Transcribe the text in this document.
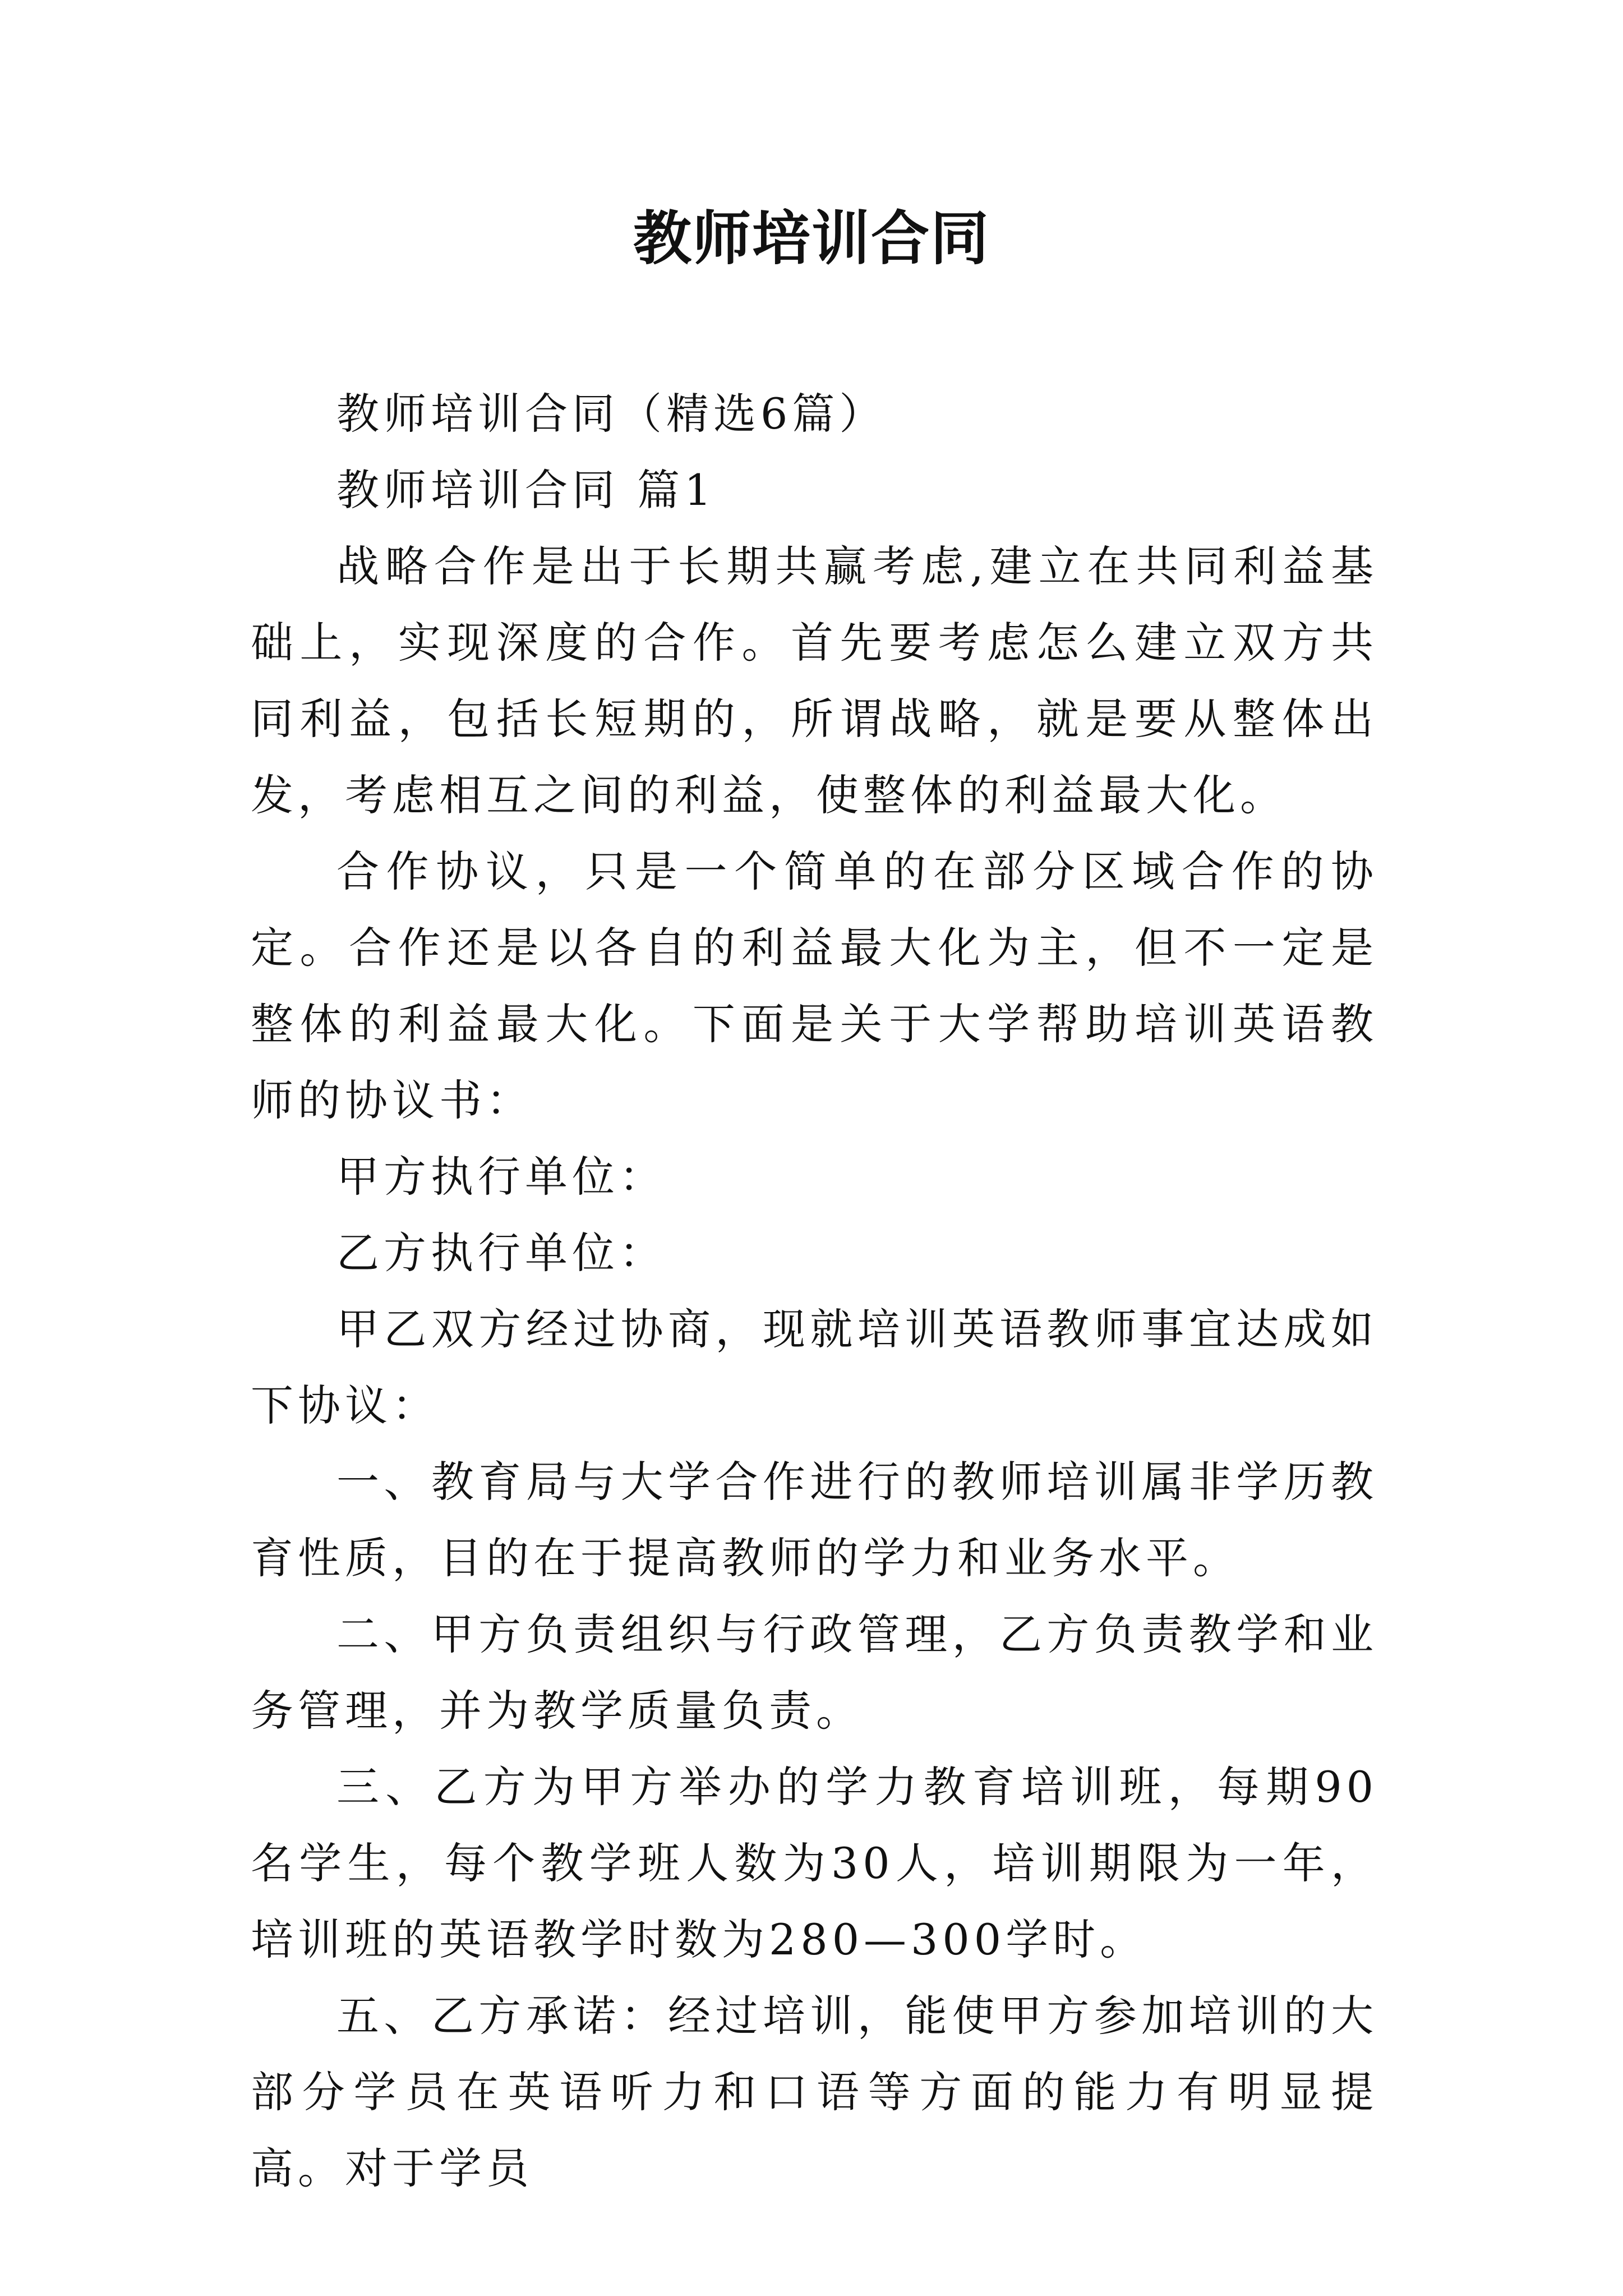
教师培训合同

教师培训合同（精选6篇）

教师培训合同 篇1

战略合作是出于长期共赢考虑,建立在共同利益基础上，实现深度的合作。首先要考虑怎么建立双方共同利益，包括长短期的，所谓战略，就是要从整体出发，考虑相互之间的利益，使整体的利益最大化。

合作协议，只是一个简单的在部分区域合作的协定。合作还是以各自的利益最大化为主，但不一定是整体的利益最大化。下面是关于大学帮助培训英语教师的协议书：

甲方执行单位：

乙方执行单位：

甲乙双方经过协商，现就培训英语教师事宜达成如下协议：

一、教育局与大学合作进行的教师培训属非学历教育性质，目的在于提高教师的学力和业务水平。

二、甲方负责组织与行政管理，乙方负责教学和业务管理，并为教学质量负责。

三、乙方为甲方举办的学力教育培训班，每期90名学生，每个教学班人数为30人，培训期限为一年，培训班的英语教学时数为280—300学时。

五、乙方承诺：经过培训，能使甲方参加培训的大部分学员在英语听力和口语等方面的能力有明显提高。对于学员
